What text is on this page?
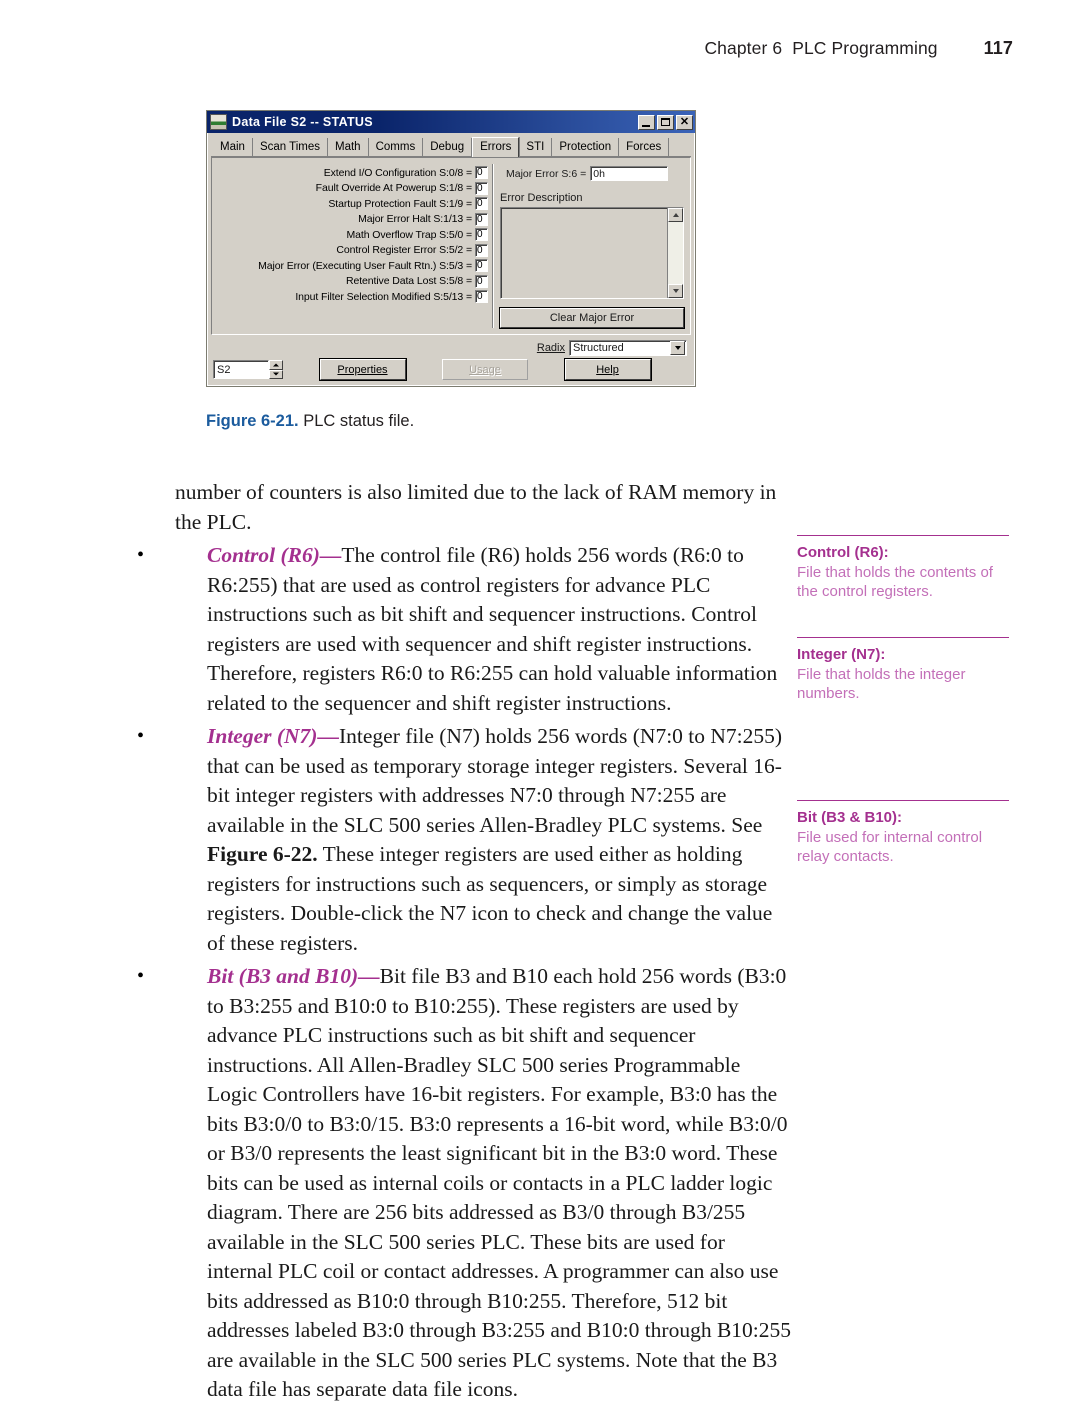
Chapter 6 PLC Programming	117
Data File S2 -- STATUS	✕
Main	Scan Times	Math	Comms	Debug	Errors	STI	Protection	Forces
Extend I/O Configuration S:0/8 = 0
Fault Override At Powerup S:1/8 = 0
Startup Protection Fault S:1/9 = 0
Major Error Halt S:1/13 = 0
Math Overflow Trap S:5/0 = 0
Control Register Error S:5/2 = 0
Major Error (Executing User Fault Rtn.) S:5/3 = 0
Retentive Data Lost S:5/8 = 0
Input Filter Selection Modified S:5/13 = 0
Major Error S:6 = 0h
Error Description
Clear Major Error
Radix Structured
S2	Properties	Usage	Help
Figure 6-21. PLC status file.

number of counters is also limited due to the lack of RAM memory in the PLC.

•	Control (R6)—The control file (R6) holds 256 words (R6:0 to R6:255) that are used as control registers for advance PLC instructions such as bit shift and sequencer instructions. Control registers are used with sequencer and shift register instructions. Therefore, registers R6:0 to R6:255 can hold valuable information related to the sequencer and shift register instructions.
•	Integer (N7)—Integer file (N7) holds 256 words (N7:0 to N7:255) that can be used as temporary storage integer registers. Several 16-bit integer registers with addresses N7:0 through N7:255 are available in the SLC 500 series Allen-Bradley PLC systems. See Figure 6-22. These integer registers are used either as holding registers for instructions such as sequencers, or simply as storage registers. Double-click the N7 icon to check and change the value of these registers.
•	Bit (B3 and B10)—Bit file B3 and B10 each hold 256 words (B3:0 to B3:255 and B10:0 to B10:255). These registers are used by advance PLC instructions such as bit shift and sequencer instructions. All Allen-Bradley SLC 500 series Programmable Logic Controllers have 16-bit registers. For example, B3:0 has the bits B3:0/0 to B3:0/15. B3:0 represents a 16-bit word, while B3:0/0 or B3/0 represents the least significant bit in the B3:0 word. These bits can be used as internal coils or contacts in a PLC ladder logic diagram. There are 256 bits addressed as B3/0 through B3/255 available in the SLC 500 series PLC. These bits are used for internal PLC coil or contact addresses. A programmer can also use bits addressed as B10:0 through B10:255. Therefore, 512 bit addresses labeled B3:0 through B3:255 and B10:0 through B10:255 are available in the SLC 500 series PLC systems. Note that the B3 data file has separate data file icons.
Control (R6):
File that holds the contents of the control registers.
Integer (N7):
File that holds the integer numbers.
Bit (B3 & B10):
File used for internal control relay contacts.
